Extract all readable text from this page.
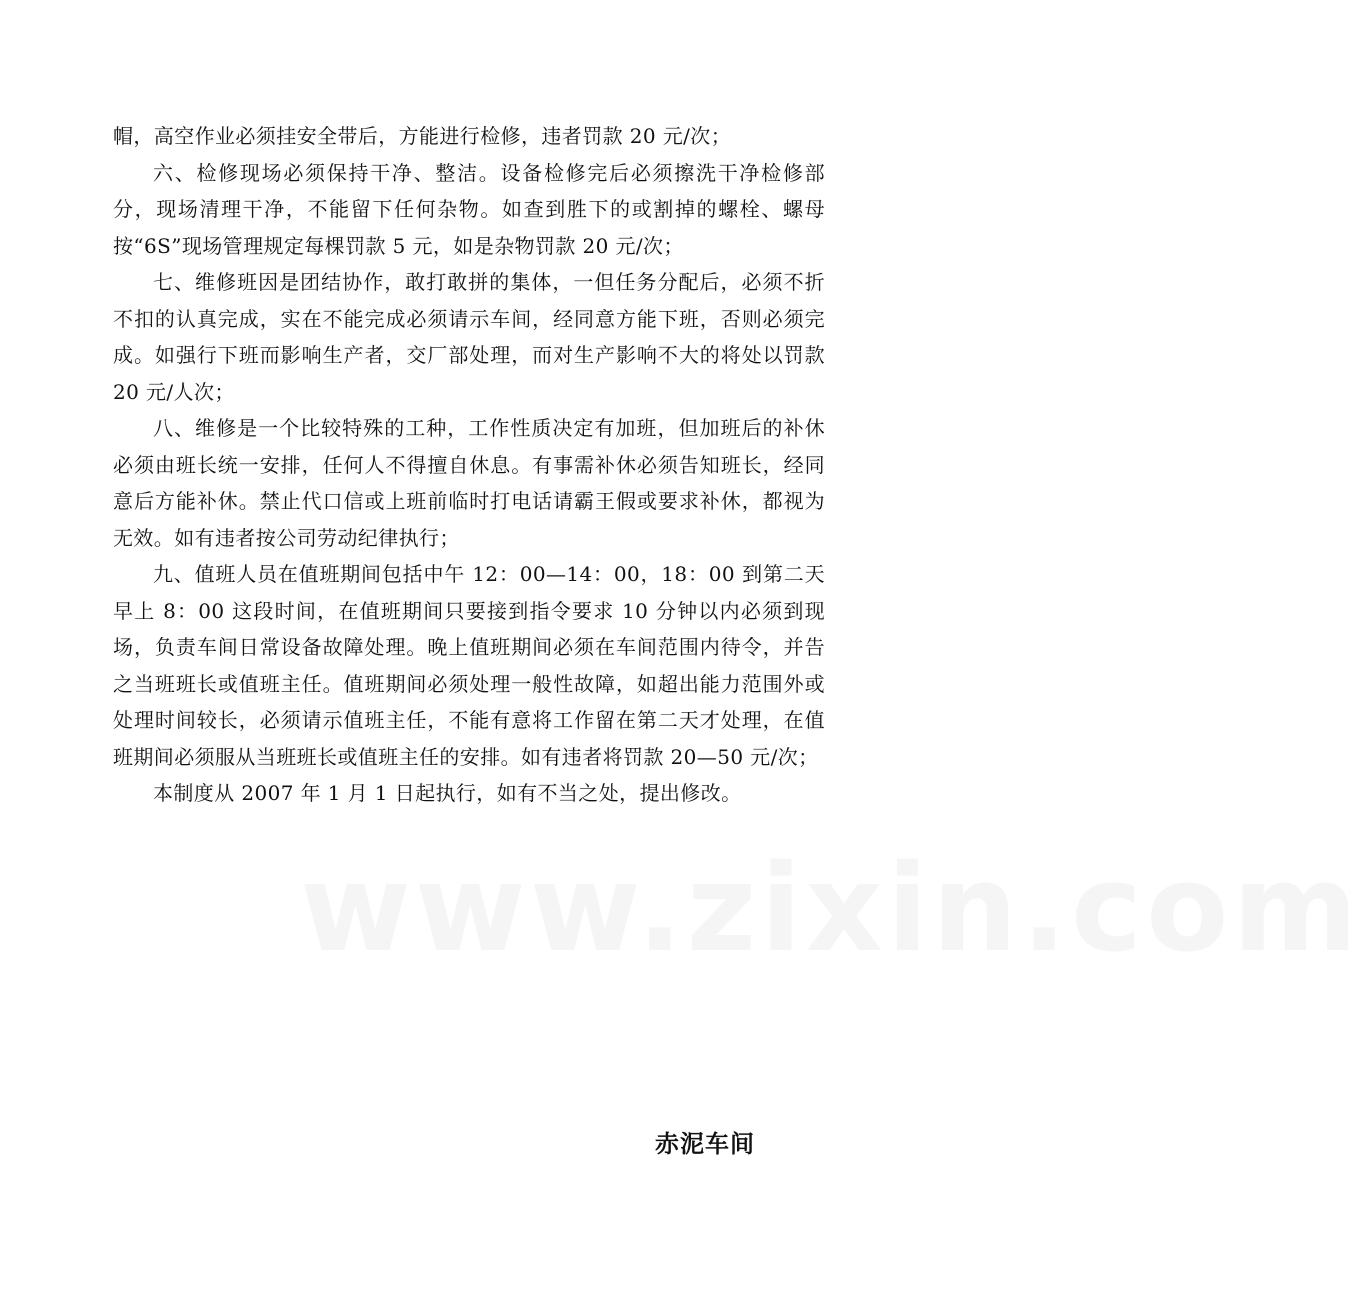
帽，高空作业必须挂安全带后，方能进行检修，违者罚款 20 元/次；

六、检修现场必须保持干净、整洁。设备检修完后必须擦洗干净检修部分，现场清理干净，不能留下任何杂物。如查到胜下的或割掉的螺栓、螺母按“6S”现场管理规定每棵罚款 5 元，如是杂物罚款 20 元/次；

七、维修班因是团结协作，敢打敢拼的集体，一但任务分配后，必须不折不扣的认真完成，实在不能完成必须请示车间，经同意方能下班，否则必须完成。如强行下班而影响生产者，交厂部处理，而对生产影响不大的将处以罚款 20 元/人次；

八、维修是一个比较特殊的工种，工作性质决定有加班，但加班后的补休必须由班长统一安排，任何人不得擅自休息。有事需补休必须告知班长，经同意后方能补休。禁止代口信或上班前临时打电话请霸王假或要求补休，都视为无效。如有违者按公司劳动纪律执行；

九、值班人员在值班期间包括中午 12：00—14：00，18：00 到第二天早上 8：00 这段时间，在值班期间只要接到指令要求 10 分钟以内必须到现场，负责车间日常设备故障处理。晚上值班期间必须在车间范围内待令，并告之当班班长或值班主任。值班期间必须处理一般性故障，如超出能力范围外或处理时间较长，必须请示值班主任，不能有意将工作留在第二天才处理，在值班期间必须服从当班班长或值班主任的安排。如有违者将罚款 20—50 元/次；

本制度从 2007 年 1 月 1 日起执行，如有不当之处，提出修改。

www.zixin.com
赤泥车间
